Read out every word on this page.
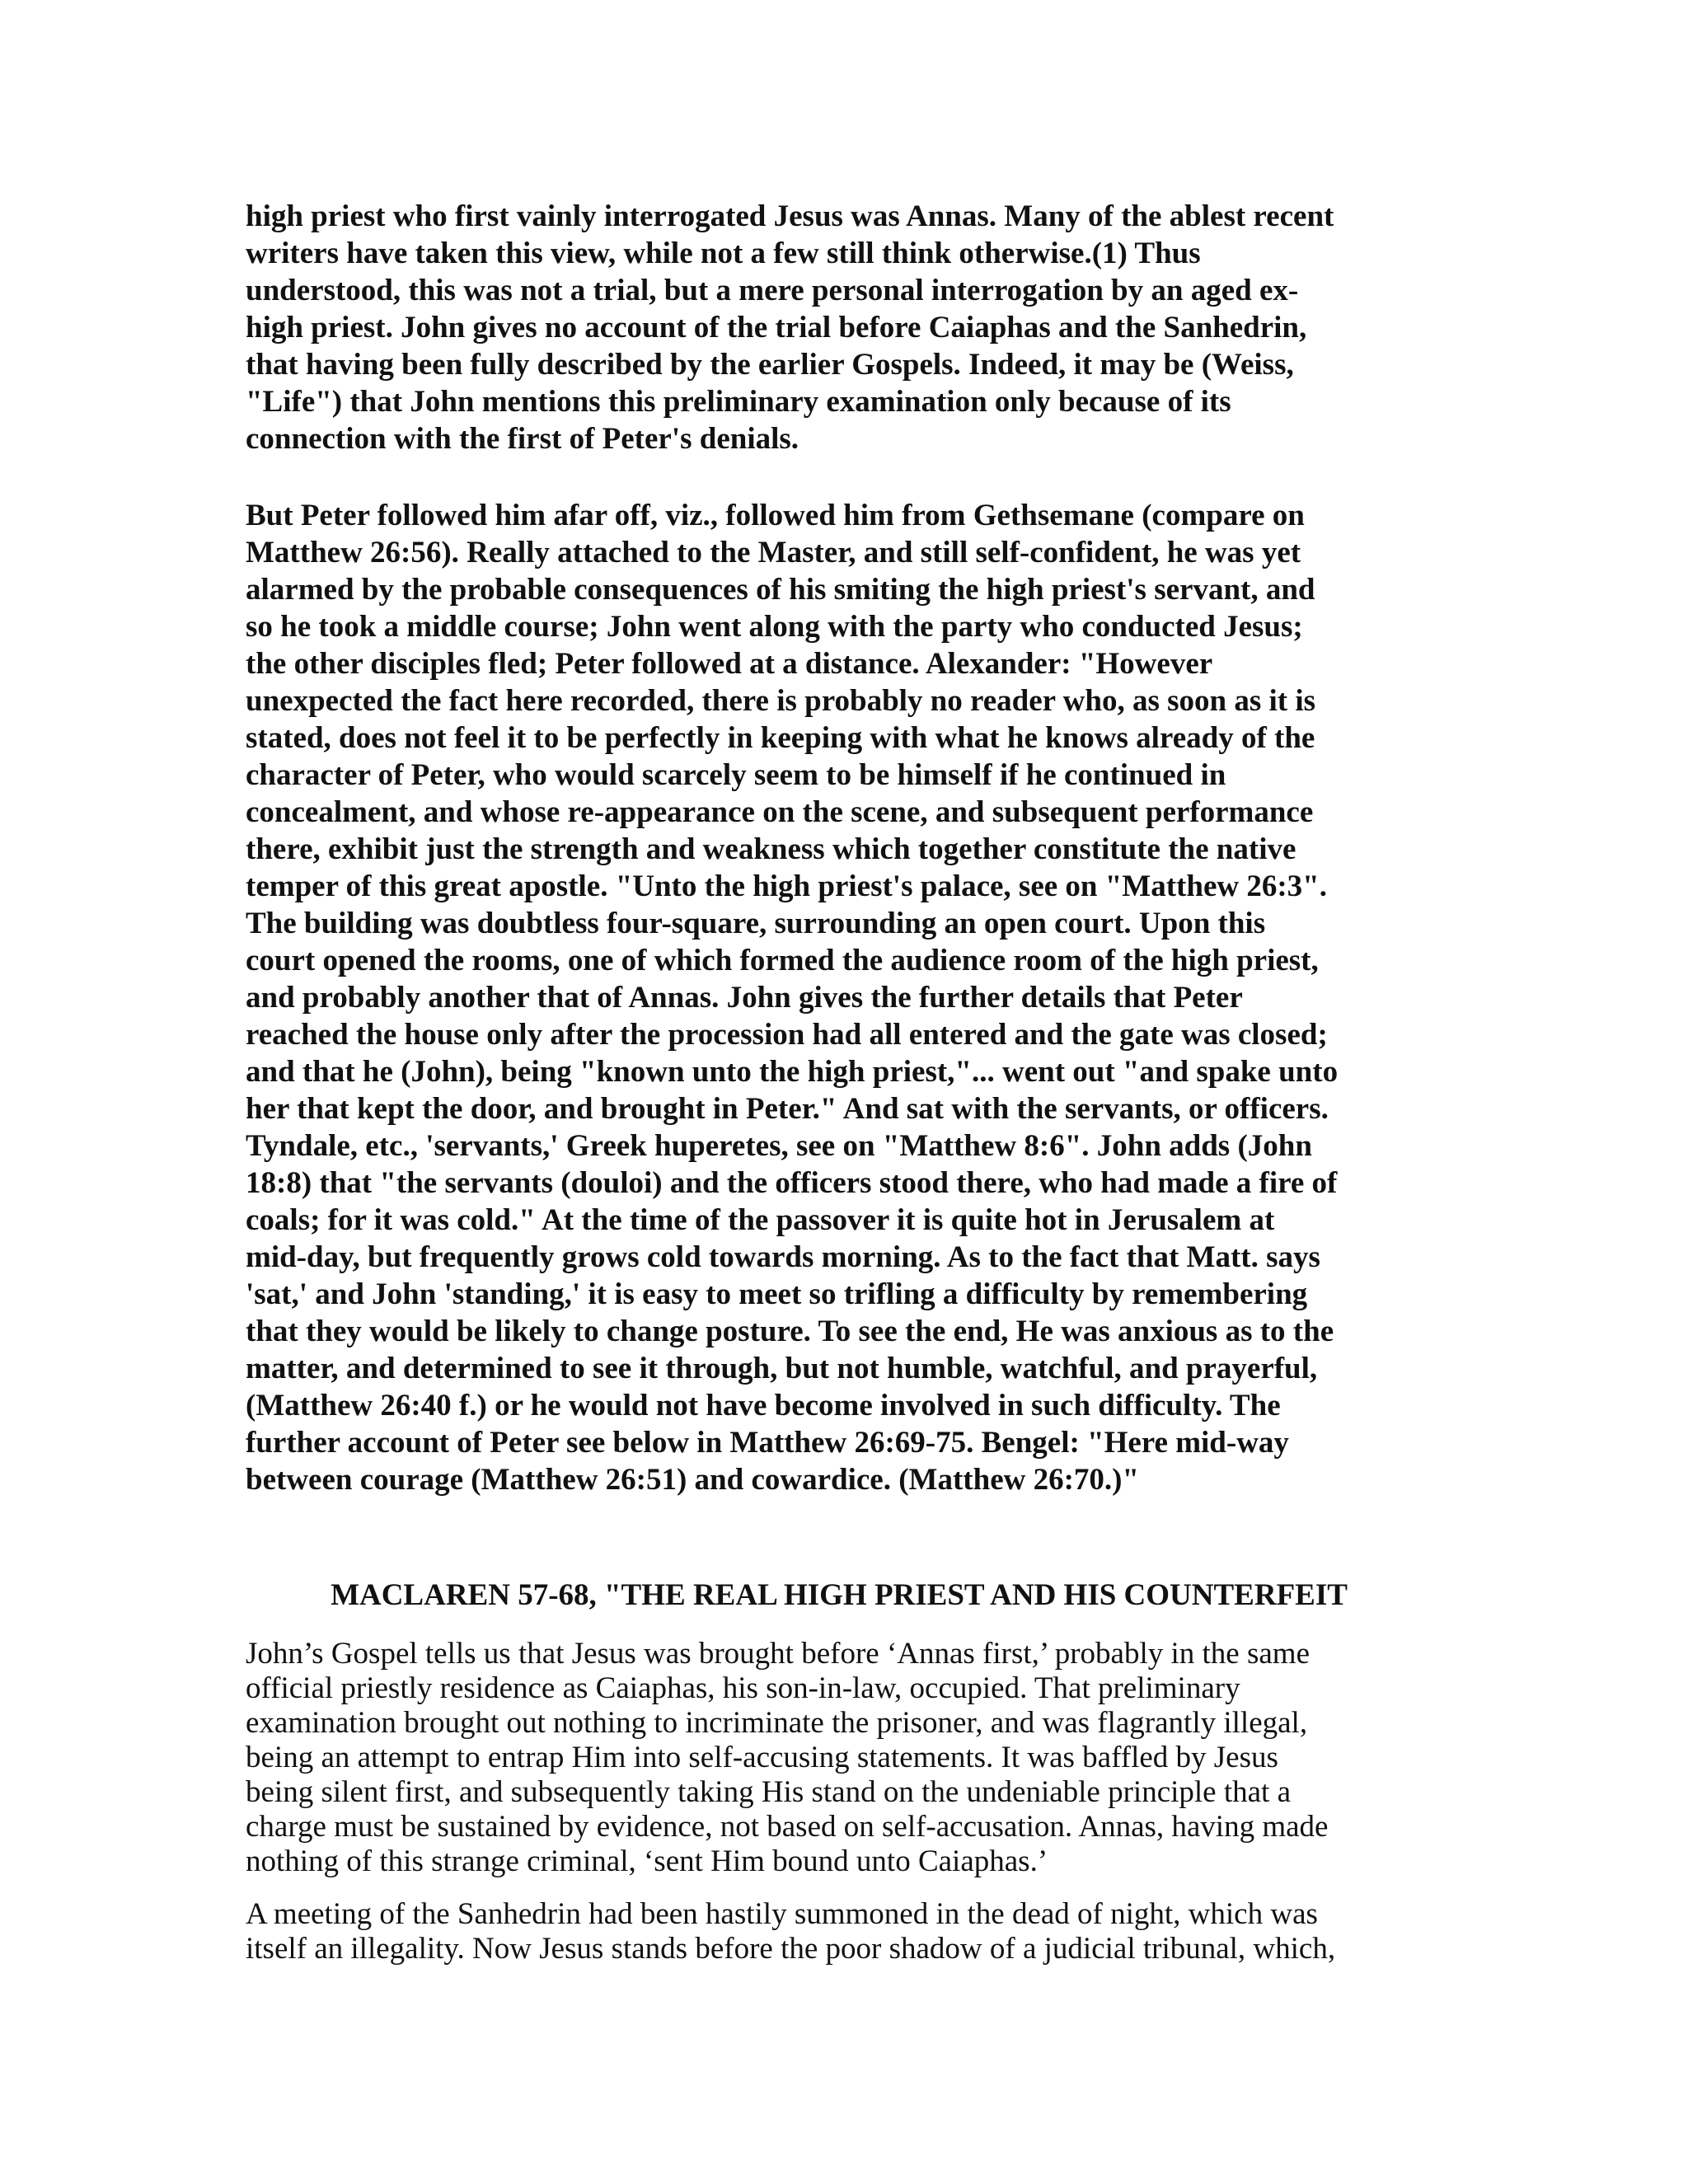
high priest who first vainly interrogated Jesus was Annas. Many of the ablest recent
writers have taken this view, while not a few still think otherwise.(1) Thus
understood, this was not a trial, but a mere personal interrogation by an aged ex-
high priest. John gives no account of the trial before Caiaphas and the Sanhedrin,
that having been fully described by the earlier Gospels. Indeed, it may be (Weiss,
"Life") that John mentions this preliminary examination only because of its
connection with the first of Peter's denials.

But Peter followed him afar off, viz., followed him from Gethsemane (compare on
Matthew 26:56). Really attached to the Master, and still self-confident, he was yet
alarmed by the probable consequences of his smiting the high priest's servant, and
so he took a middle course; John went along with the party who conducted Jesus;
the other disciples fled; Peter followed at a distance. Alexander: "However
unexpected the fact here recorded, there is probably no reader who, as soon as it is
stated, does not feel it to be perfectly in keeping with what he knows already of the
character of Peter, who would scarcely seem to be himself if he continued in
concealment, and whose re-appearance on the scene, and subsequent performance
there, exhibit just the strength and weakness which together constitute the native
temper of this great apostle. "Unto the high priest's palace, see on "Matthew 26:3".
The building was doubtless four-square, surrounding an open court. Upon this
court opened the rooms, one of which formed the audience room of the high priest,
and probably another that of Annas. John gives the further details that Peter
reached the house only after the procession had all entered and the gate was closed;
and that he (John), being "known unto the high priest,"... went out "and spake unto
her that kept the door, and brought in Peter." And sat with the servants, or officers.
Tyndale, etc., 'servants,' Greek huperetes, see on "Matthew 8:6". John adds (John
18:8) that "the servants (douloi) and the officers stood there, who had made a fire of
coals; for it was cold." At the time of the passover it is quite hot in Jerusalem at
mid-day, but frequently grows cold towards morning. As to the fact that Matt. says
'sat,' and John 'standing,' it is easy to meet so trifling a difficulty by remembering
that they would be likely to change posture. To see the end, He was anxious as to the
matter, and determined to see it through, but not humble, watchful, and prayerful,
(Matthew 26:40 f.) or he would not have become involved in such difficulty. The
further account of Peter see below in Matthew 26:69-75. Bengel: "Here mid-way
between courage (Matthew 26:51) and cowardice. (Matthew 26:70.)"

MACLAREN 57-68, "THE REAL HIGH PRIEST AND HIS COUNTERFEIT

John’s Gospel tells us that Jesus was brought before ‘Annas first,’ probably in the same
official priestly residence as Caiaphas, his son-in-law, occupied. That preliminary
examination brought out nothing to incriminate the prisoner, and was flagrantly illegal,
being an attempt to entrap Him into self-accusing statements. It was baffled by Jesus
being silent first, and subsequently taking His stand on the undeniable principle that a
charge must be sustained by evidence, not based on self-accusation. Annas, having made
nothing of this strange criminal, ‘sent Him bound unto Caiaphas.’

A meeting of the Sanhedrin had been hastily summoned in the dead of night, which was
itself an illegality. Now Jesus stands before the poor shadow of a judicial tribunal, which,
